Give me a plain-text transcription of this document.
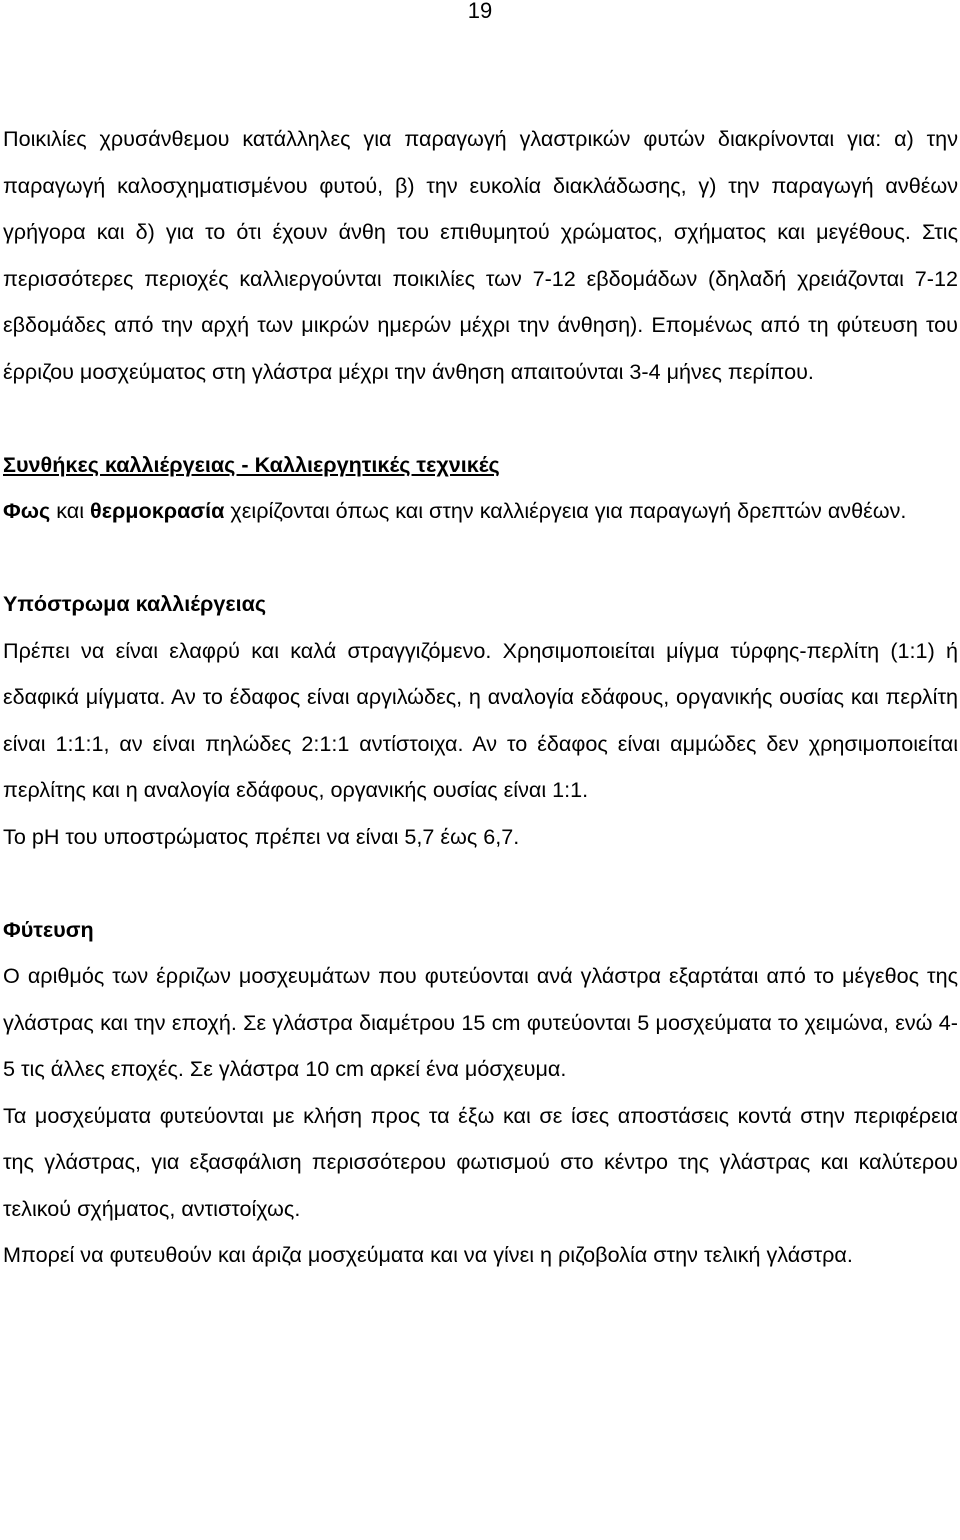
19

Ποικιλίες χρυσάνθεμου κατάλληλες για παραγωγή γλαστρικών φυτών διακρίνονται για: α) την παραγωγή καλοσχηματισμένου φυτού, β) την ευκολία διακλάδωσης, γ) την παραγωγή ανθέων γρήγορα και δ) για το ότι έχουν άνθη του επιθυμητού χρώματος, σχήματος και μεγέθους. Στις περισσότερες περιοχές καλλιεργούνται ποικιλίες των 7-12 εβδομάδων (δηλαδή χρειάζονται 7-12 εβδομάδες από την αρχή των μικρών ημερών μέχρι την άνθηση). Επομένως από τη φύτευση του έρριζου μοσχεύματος στη γλάστρα μέχρι την άνθηση απαιτούνται 3-4 μήνες περίπου.

Συνθήκες καλλιέργειας - Καλλιεργητικές τεχνικές

Φως και θερμοκρασία χειρίζονται όπως και στην καλλιέργεια για παραγωγή δρεπτών ανθέων.

Υπόστρωμα καλλιέργειας

Πρέπει να είναι ελαφρύ και καλά στραγγιζόμενο. Χρησιμοποιείται μίγμα τύρφης-περλίτη (1:1) ή εδαφικά μίγματα. Αν το έδαφος είναι αργιλώδες, η αναλογία εδάφους, οργανικής ουσίας και περλίτη είναι 1:1:1, αν είναι πηλώδες 2:1:1 αντίστοιχα. Αν το έδαφος είναι αμμώδες δεν χρησιμοποιείται περλίτης και η αναλογία εδάφους, οργανικής ουσίας είναι 1:1.

Το pH του υποστρώματος πρέπει να είναι 5,7 έως 6,7.

Φύτευση

Ο αριθμός των έρριζων μοσχευμάτων που φυτεύονται ανά γλάστρα εξαρτάται από το μέγεθος της γλάστρας και την εποχή. Σε γλάστρα διαμέτρου 15 cm φυτεύονται 5 μοσχεύματα το χειμώνα, ενώ 4-5 τις άλλες εποχές. Σε γλάστρα 10 cm αρκεί ένα μόσχευμα.

Τα μοσχεύματα φυτεύονται με κλήση προς τα έξω και σε ίσες αποστάσεις κοντά στην περιφέρεια της γλάστρας, για εξασφάλιση περισσότερου φωτισμού στο κέντρο της γλάστρας και καλύτερου τελικού σχήματος, αντιστοίχως.

Μπορεί να φυτευθούν και άριζα μοσχεύματα και να γίνει η ριζοβολία στην τελική γλάστρα.
